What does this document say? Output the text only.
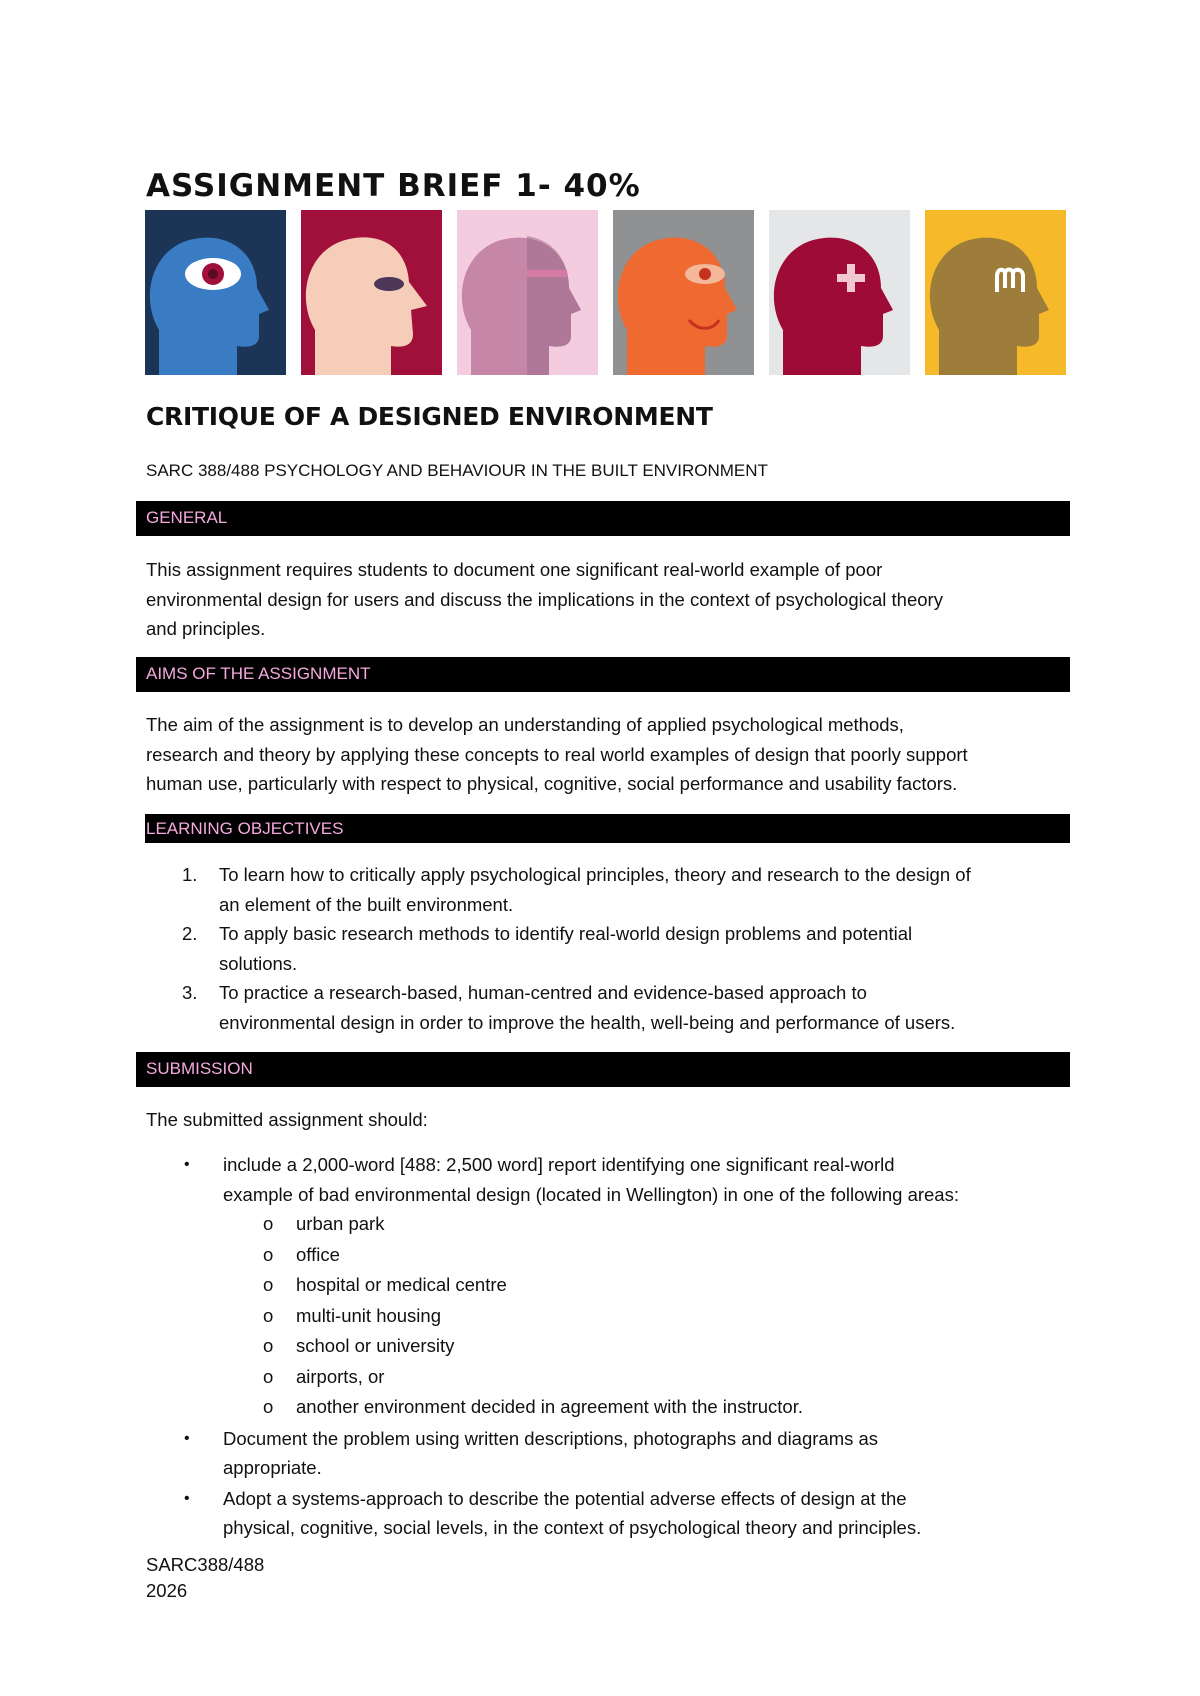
ASSIGNMENT BRIEF 1- 40%
CRITIQUE OF A DESIGNED ENVIRONMENT
SARC 388/488 PSYCHOLOGY AND BEHAVIOUR IN THE BUILT ENVIRONMENT
GENERAL
This assignment requires students to document one significant real-world example of poor
environmental design for users and discuss the implications in the context of psychological theory
and principles.
AIMS OF THE ASSIGNMENT
The aim of the assignment is to develop an understanding of applied psychological methods,
research and theory by applying these concepts to real world examples of design that poorly support
human use, particularly with respect to physical, cognitive, social performance and usability factors.
LEARNING OBJECTIVES
1. To learn how to critically apply psychological principles, theory and research to the design of
an element of the built environment.
2. To apply basic research methods to identify real-world design problems and potential
solutions.
3. To practice a research-based, human-centred and evidence-based approach to
environmental design in order to improve the health, well-being and performance of users.
SUBMISSION
The submitted assignment should:
• include a 2,000-word [488: 2,500 word] report identifying one significant real-world
example of bad environmental design (located in Wellington) in one of the following areas:
o urban park
o office
o hospital or medical centre
o multi-unit housing
o school or university
o airports, or
o another environment decided in agreement with the instructor.
• Document the problem using written descriptions, photographs and diagrams as
appropriate.
• Adopt a systems-approach to describe the potential adverse effects of design at the
physical, cognitive, social levels, in the context of psychological theory and principles.
SARC388/488
2026
